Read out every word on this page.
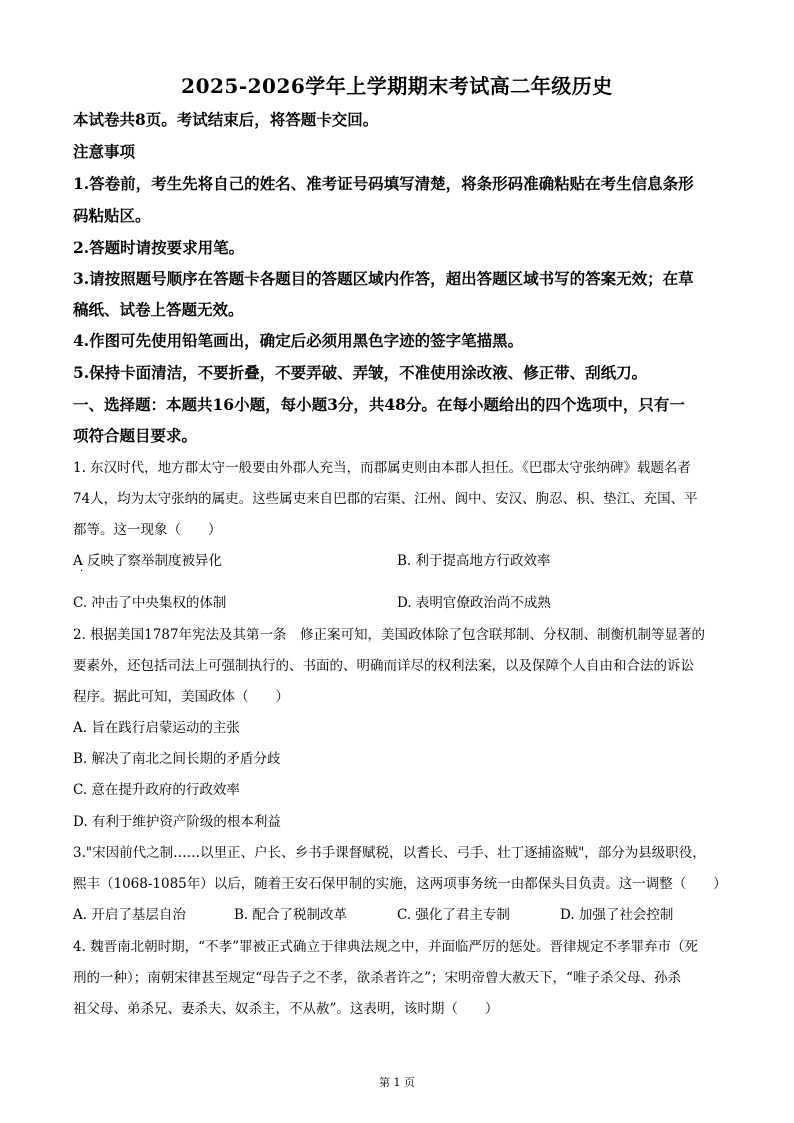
2025-2026学年上学期期末考试高二年级历史
本试卷共8页。考试结束后，将答题卡交回。
注意事项
1.答卷前，考生先将自己的姓名、准考证号码填写清楚，将条形码准确粘贴在考生信息条形
码粘贴区。
2.答题时请按要求用笔。
3.请按照题号顺序在答题卡各题目的答题区域内作答，超出答题区域书写的答案无效；在草
稿纸、试卷上答题无效。
4.作图可先使用铅笔画出，确定后必须用黑色字迹的签字笔描黑。
5.保持卡面清洁，不要折叠，不要弄破、弄皱，不准使用涂改液、修正带、刮纸刀。
一、选择题：本题共16小题，每小题3分，共48分。在每小题给出的四个选项中，只有一
项符合题目要求。
1. 东汉时代，地方郡太守一般要由外郡人充当，而郡属吏则由本郡人担任。《巴郡太守张纳碑》载题名者
74人，均为太守张纳的属吏。这些属吏来自巴郡的宕渠、江州、阆中、安汉、朐忍、枳、垫江、充国、平
都等。这一现象（　　）
A 反映了察举制度被异化	B. 利于提高地方行政效率
·
C. 冲击了中央集权的体制	D. 表明官僚政治尚不成熟
2. 根据美国1787年宪法及其第一条　修正案可知，美国政体除了包含联邦制、分权制、制衡机制等显著的
要素外，还包括司法上可强制执行的、书面的、明确而详尽的权利法案，以及保障个人自由和合法的诉讼
程序。据此可知，美国政体（　　）
A. 旨在践行启蒙运动的主张
B. 解决了南北之间长期的矛盾分歧
C. 意在提升政府的行政效率
D. 有利于维护资产阶级的根本利益
3."宋因前代之制……以里正、户长、乡书手课督赋税，以耆长、弓手、壮丁逐捕盗贼"，部分为县级职役，
熙丰（1068-1085年）以后，随着王安石保甲制的实施，这两项事务统一由都保头目负责。这一调整（　　）
A. 开启了基层自治	B. 配合了税制改革	C. 强化了君主专制	D. 加强了社会控制
4. 魏晋南北朝时期，“不孝”罪被正式确立于律典法规之中，并面临严厉的惩处。晋律规定不孝罪弃市（死
刑的一种）；南朝宋律甚至规定“母告子之不孝，欲杀者许之”；宋明帝曾大赦天下，“唯子杀父母、孙杀
祖父母、弟杀兄、妻杀夫、奴杀主，不从赦”。这表明，该时期（　　）
第 1 页
